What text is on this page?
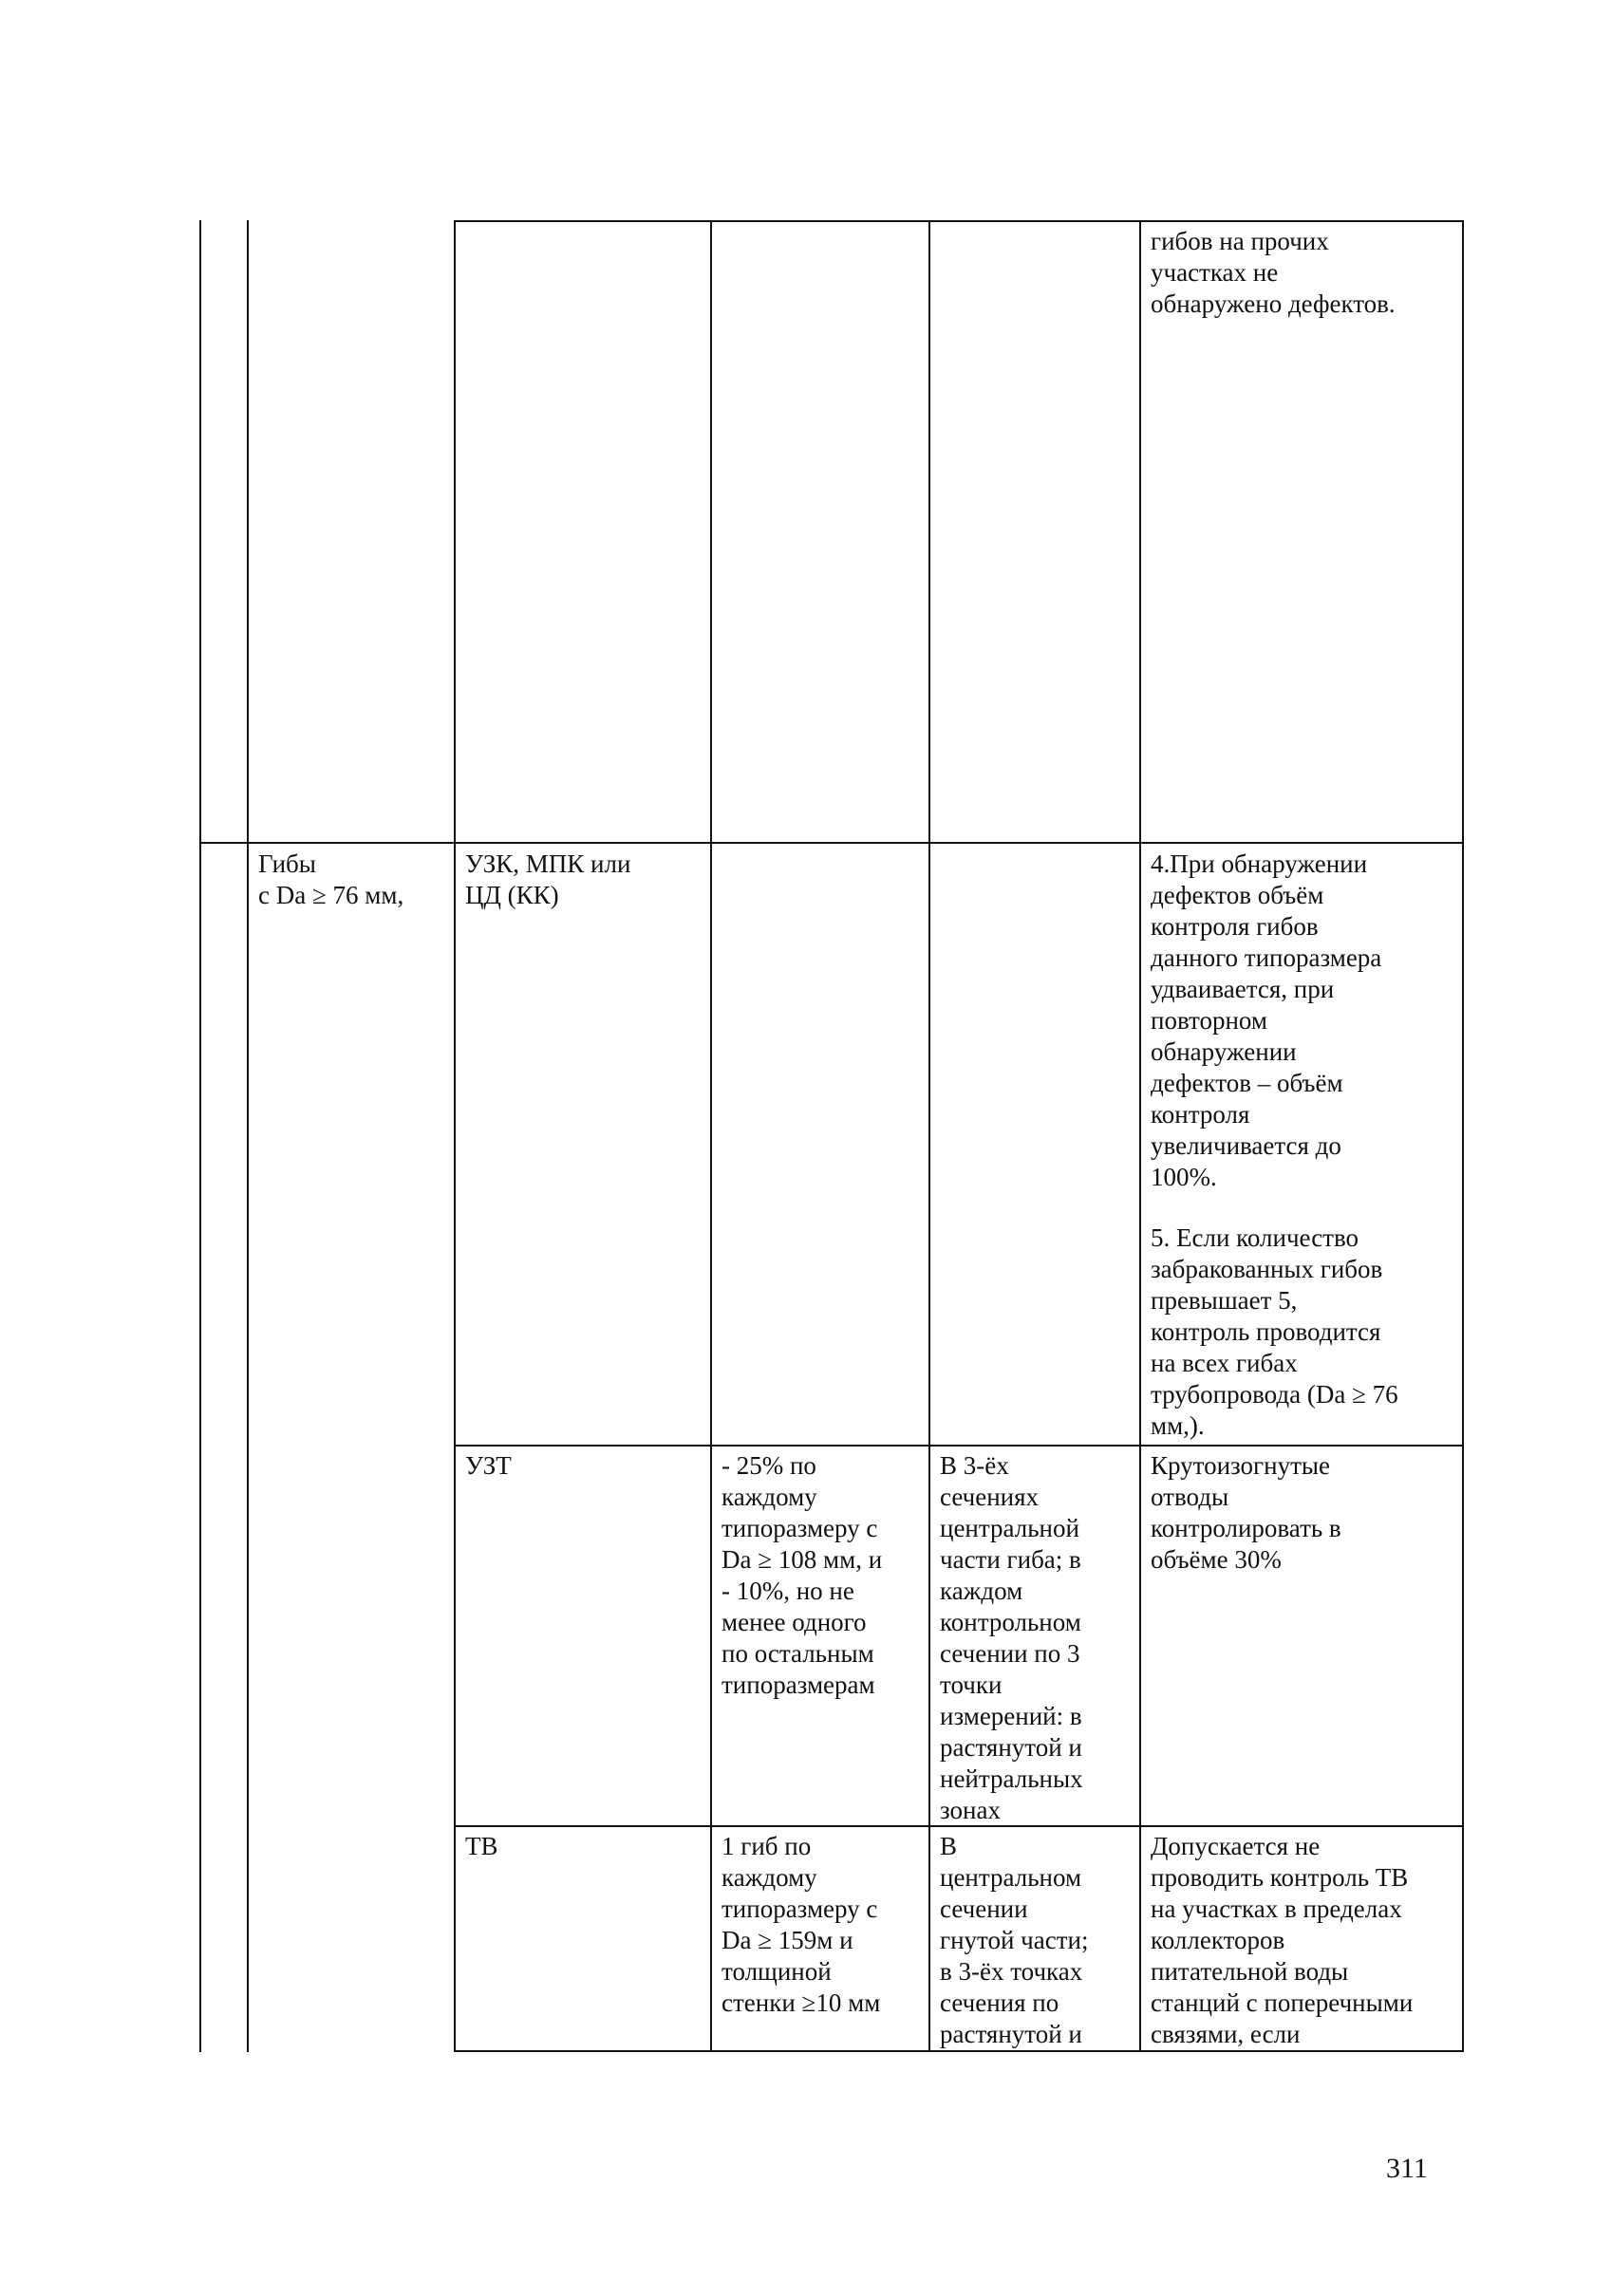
гибов на прочих
участках не
обнаружено дефектов.
Гибы
с Da ≥ 76 мм,
УЗК, МПК или
ЦД (КК)
4.При обнаружении
дефектов объём
контроля гибов
данного типоразмера
удваивается, при
повторном
обнаружении
дефектов – объём
контроля
увеличивается до
100%.
5. Если количество
забракованных гибов
превышает 5,
контроль проводится
на всех гибах
трубопровода (Da ≥ 76
мм,).
УЗТ	- 25% по
каждому
типоразмеру с
Da ≥ 108 мм, и
- 10%, но не
менее одного
по остальным
типоразмерам
В 3-ёх
сечениях
центральной
части гиба; в
каждом
контрольном
сечении по 3
точки
измерений: в
растянутой и
нейтральных
зонах
Крутоизогнутые
отводы
контролировать в
объёме 30%
ТВ	1 гиб по
каждому
типоразмеру с
Da ≥ 159м и
толщиной
стенки ≥10 мм
В
центральном
сечении
гнутой части;
в 3-ёх точках
сечения по
растянутой и
Допускается не
проводить контроль ТВ
на участках в пределах
коллекторов
питательной воды
станций с поперечными
связями, если
311
